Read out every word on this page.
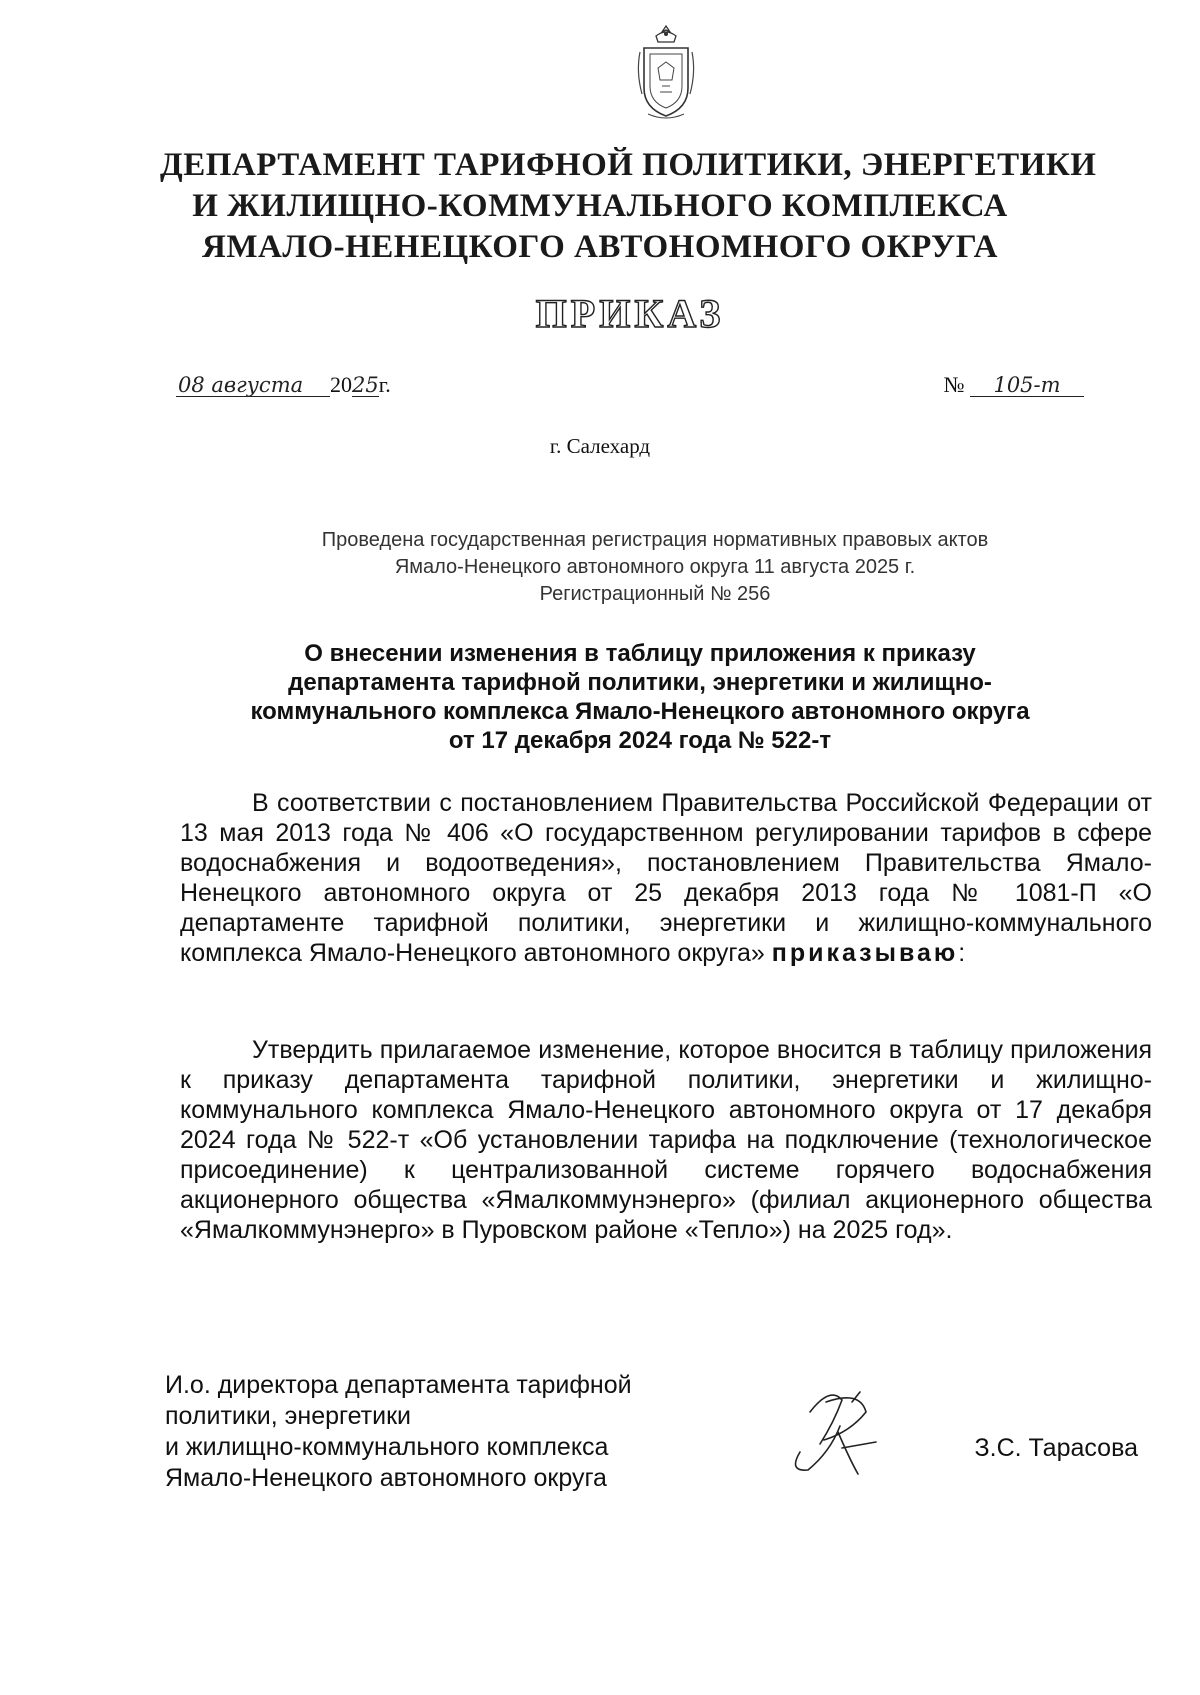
ДЕПАРТАМЕНТ ТАРИФНОЙ ПОЛИТИКИ, ЭНЕРГЕТИКИ
И ЖИЛИЩНО-КОММУНАЛЬНОГО КОМПЛЕКСА
ЯМАЛО-НЕНЕЦКОГО АВТОНОМНОГО ОКРУГА
ПРИКАЗ
08 августа 2025г.	№ 105-т
г. Салехард
Проведена государственная регистрация нормативных правовых актов
Ямало-Ненецкого автономного округа 11 августа 2025 г.
Регистрационный № 256
О внесении изменения в таблицу приложения к приказу
департамента тарифной политики, энергетики и жилищно-
коммунального комплекса Ямало-Ненецкого автономного округа
от 17 декабря 2024 года № 522-т
В соответствии с постановлением Правительства Российской Федерации от 13 мая 2013 года № 406 «О государственном регулировании тарифов в сфере водоснабжения и водоотведения», постановлением Правительства Ямало-Ненецкого автономного округа от 25 декабря 2013 года № 1081-П «О департаменте тарифной политики, энергетики и жилищно-коммунального комплекса Ямало-Ненецкого автономного округа» приказываю:
Утвердить прилагаемое изменение, которое вносится в таблицу приложения к приказу департамента тарифной политики, энергетики и жилищно-коммунального комплекса Ямало-Ненецкого автономного округа от 17 декабря 2024 года № 522-т «Об установлении тарифа на подключение (технологическое присоединение) к централизованной системе горячего водоснабжения акционерного общества «Ямалкоммунэнерго» (филиал акционерного общества «Ямалкоммунэнерго» в Пуровском районе «Тепло») на 2025 год».
И.о. директора департамента тарифной
политики, энергетики
и жилищно-коммунального комплекса
Ямало-Ненецкого автономного округа
З.С. Тарасова
